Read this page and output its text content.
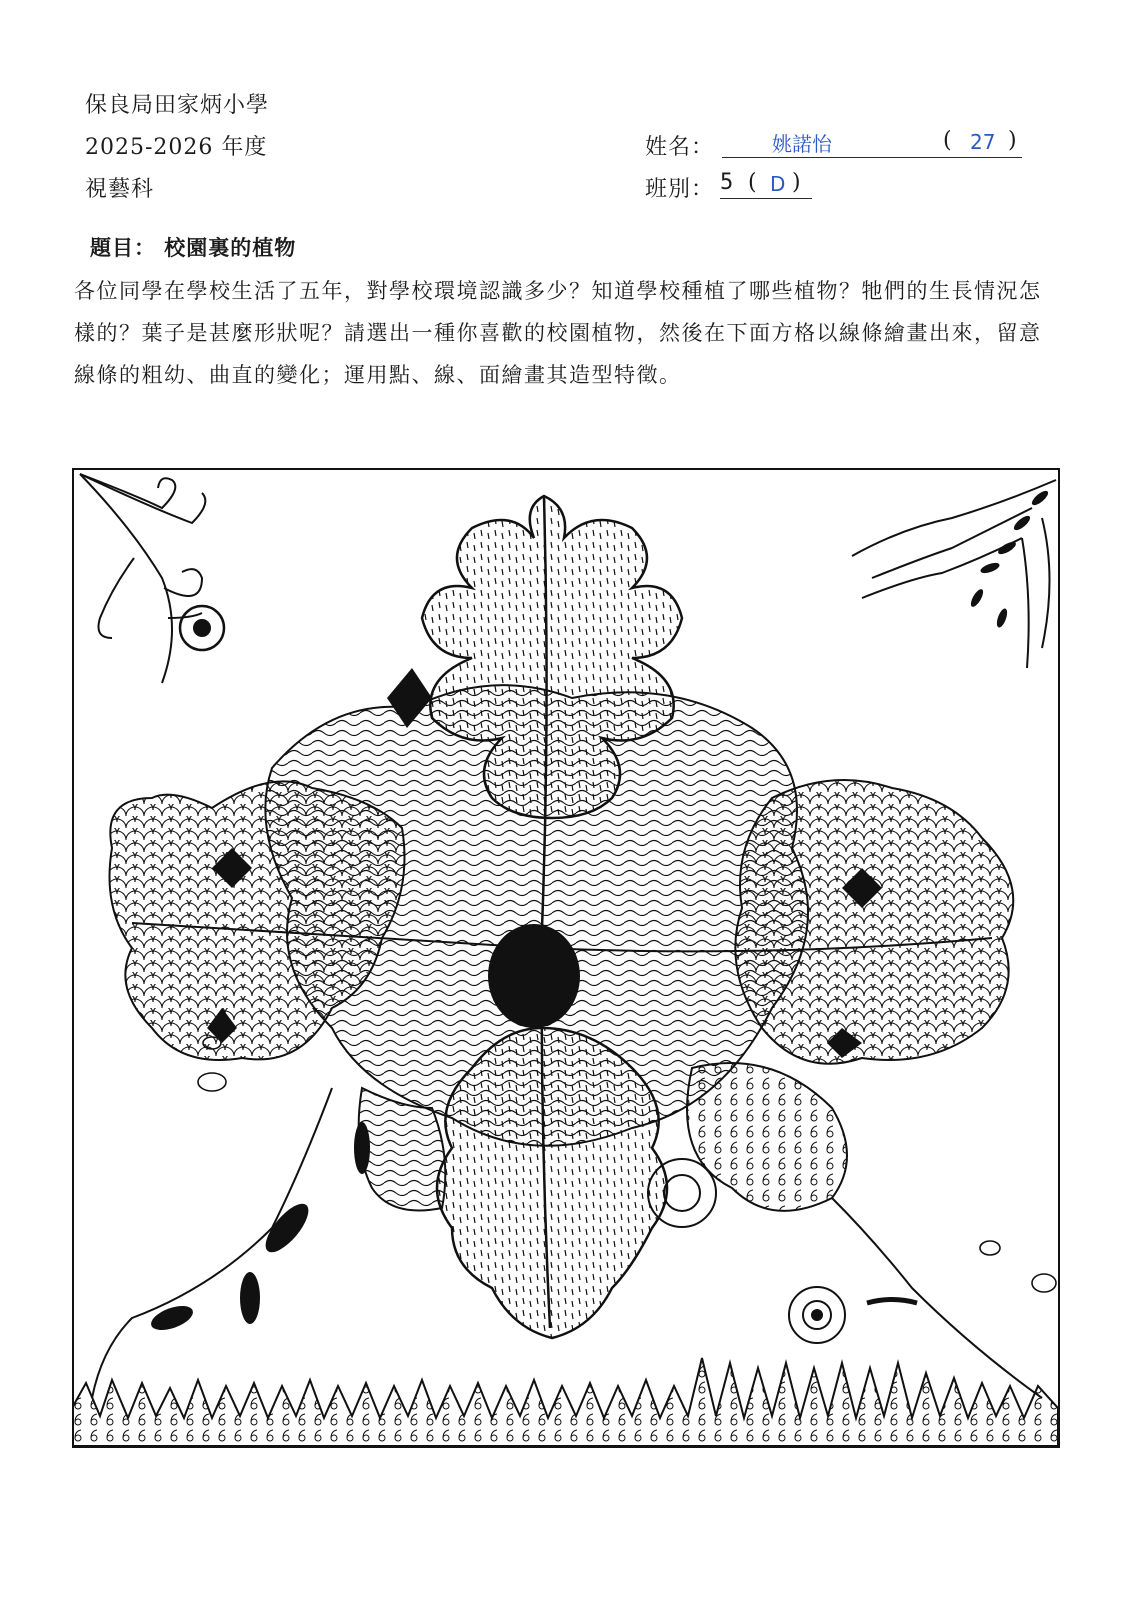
保良局田家炳小學
2025-2026 年度
視藝科
姓名：	姚諾怡	( 27 )
班別： 5 ( D )
題目： 校園裏的植物
各位同學在學校生活了五年，對學校環境認識多少？知道學校種植了哪些植物？牠們的生長情況怎樣的？葉子是甚麼形狀呢？請選出一種你喜歡的校園植物，然後在下面方格以線條繪畫出來，留意線條的粗幼、曲直的變化；運用點、線、面繪畫其造型特徵。
